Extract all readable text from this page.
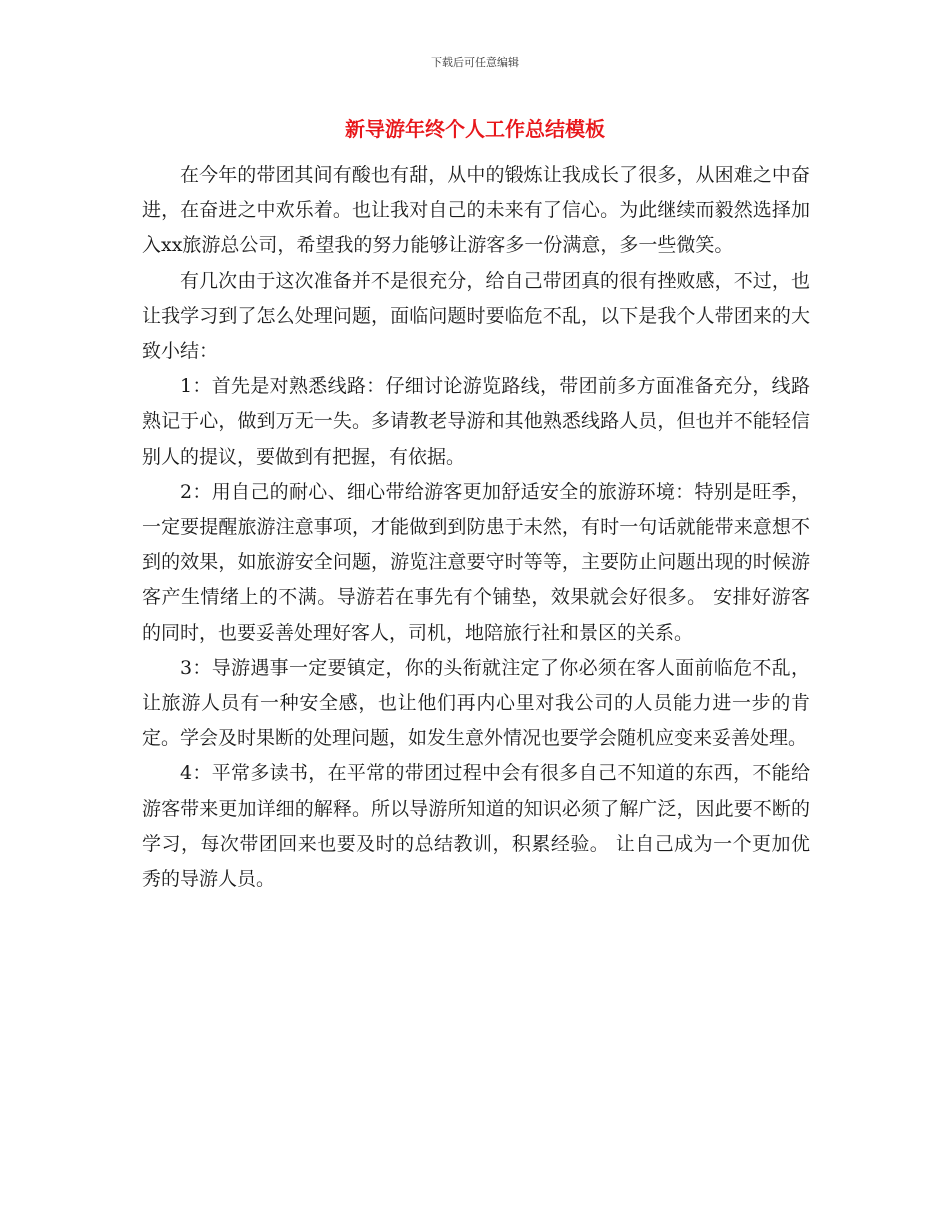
下载后可任意编辑
新导游年终个人工作总结模板

在今年的带团其间有酸也有甜，从中的锻炼让我成长了很多，从困难之中奋进，在奋进之中欢乐着。也让我对自己的未来有了信心。为此继续而毅然选择加入xx旅游总公司，希望我的努力能够让游客多一份满意，多一些微笑。

有几次由于这次准备并不是很充分，给自己带团真的很有挫败感，不过，也让我学习到了怎么处理问题，面临问题时要临危不乱，以下是我个人带团来的大致小结：

1：首先是对熟悉线路：仔细讨论游览路线，带团前多方面准备充分，线路熟记于心，做到万无一失。多请教老导游和其他熟悉线路人员，但也并不能轻信别人的提议，要做到有把握，有依据。

2：用自己的耐心、细心带给游客更加舒适安全的旅游环境：特别是旺季，一定要提醒旅游注意事项，才能做到到防患于未然，有时一句话就能带来意想不到的效果，如旅游安全问题，游览注意要守时等等，主要防止问题出现的时候游客产生情绪上的不满。导游若在事先有个铺垫，效果就会好很多。 安排好游客的同时，也要妥善处理好客人，司机，地陪旅行社和景区的关系。

3：导游遇事一定要镇定，你的头衔就注定了你必须在客人面前临危不乱，让旅游人员有一种安全感，也让他们再内心里对我公司的人员能力进一步的肯定。学会及时果断的处理问题，如发生意外情况也要学会随机应变来妥善处理。

4：平常多读书，在平常的带团过程中会有很多自己不知道的东西，不能给游客带来更加详细的解释。所以导游所知道的知识必须了解广泛，因此要不断的学习，每次带团回来也要及时的总结教训，积累经验。 让自己成为一个更加优秀的导游人员。
